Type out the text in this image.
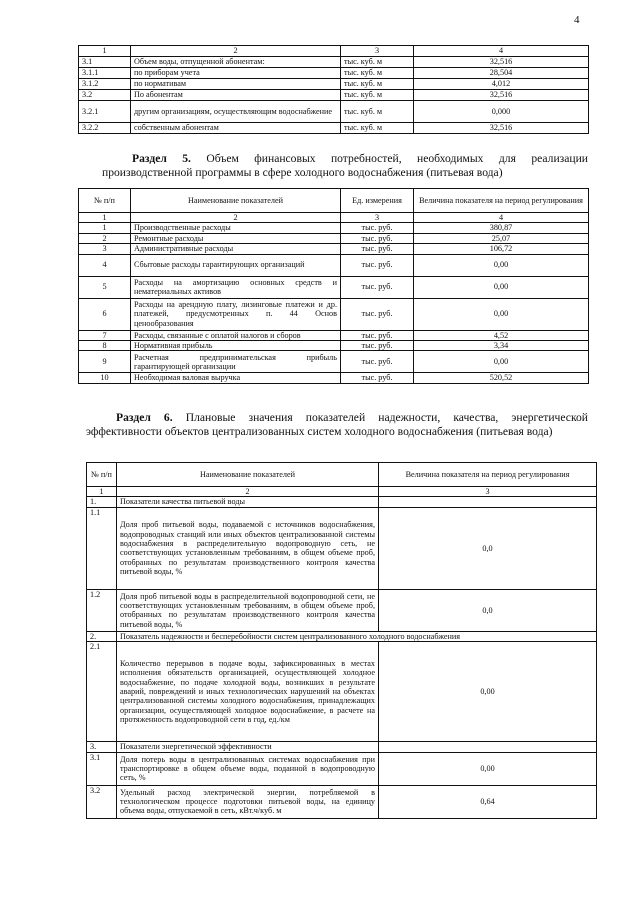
4
1	2	3	4
3.1	Объем воды, отпущенной абонентам:	тыс. куб. м	32,516
3.1.1	по приборам учета	тыс. куб. м	28,504
3.1.2	по нормативам	тыс. куб. м	4,012
3.2	По абонентам	тыс. куб. м	32,516
3.2.1	другим организациям, осуществляющим водоснабжение	тыс. куб. м	0,000
3.2.2	собственным абонентам	тыс. куб. м	32,516
Раздел 5. Объем финансовых потребностей, необходимых для реализации производственной программы в сфере холодного водоснабжения (питьевая вода)
№ п/п	Наименование показателей	Ед. измерения	Величина показателя на период регулирования
1	2	3	4
1	Производственные расходы	тыс. руб.	380,87
2	Ремонтные расходы	тыс. руб.	25,07
3	Административные расходы	тыс. руб.	106,72
4	Сбытовые расходы гарантирующих организаций	тыс. руб.	0,00
5	Расходы на амортизацию основных средств и нематериальных активов	тыс. руб.	0,00
6	Расходы на арендную плату, лизинговые платежи и др. платежей, предусмотренных п. 44 Основ ценообразования	тыс. руб.	0,00
7	Расходы, связанные с оплатой налогов и сборов	тыс. руб.	4,52
8	Нормативная прибыль	тыс. руб.	3,34
9	Расчетная предпринимательская прибыль гарантирующей организации	тыс. руб.	0,00
10	Необходимая валовая выручка	тыс. руб.	520,52
Раздел 6. Плановые значения показателей надежности, качества, энергетической эффективности объектов централизованных систем холодного водоснабжения (питьевая вода)
№ п/п	Наименование показателей	Величина показателя на период регулирования
1	2	3
1.	Показатели качества питьевой воды	
1.1	Доля проб питьевой воды, подаваемой с источников водоснабжения, водопроводных станций или иных объектов централизованной системы водоснабжения в распределительную водопроводную сеть, не соответствующих установленным требованиям, в общем объеме проб, отобранных по результатам производственного контроля качества питьевой воды, %	0,0
1.2	Доля проб питьевой воды в распределительной водопроводной сети, не соответствующих установленным требованиям, в общем объеме проб, отобранных по результатам производственного контроля качества питьевой воды, %	0,0
2.	Показатель надежности и бесперебойности систем централизованного холодного водоснабжения	
2.1	Количество перерывов в подаче воды, зафиксированных в местах исполнения обязательств организацией, осуществляющей холодное водоснабжение, по подаче холодной воды, возникших в результате аварий, повреждений и иных технологических нарушений на объектах централизованной системы холодного водоснабжения, принадлежащих организации, осуществляющей холодное водоснабжение, в расчете на протяженность водопроводной сети в год, ед./км	0,00
3.	Показатели энергетической эффективности	
3.1	Доля потерь воды в централизованных системах водоснабжения при транспортировке в общем объеме воды, поданной в водопроводную сеть, %	0,00
3.2	Удельный расход электрической энергии, потребляемой в технологическом процессе подготовки питьевой воды, на единицу объема воды, отпускаемой в сеть, кВт.ч/куб. м	0,64
